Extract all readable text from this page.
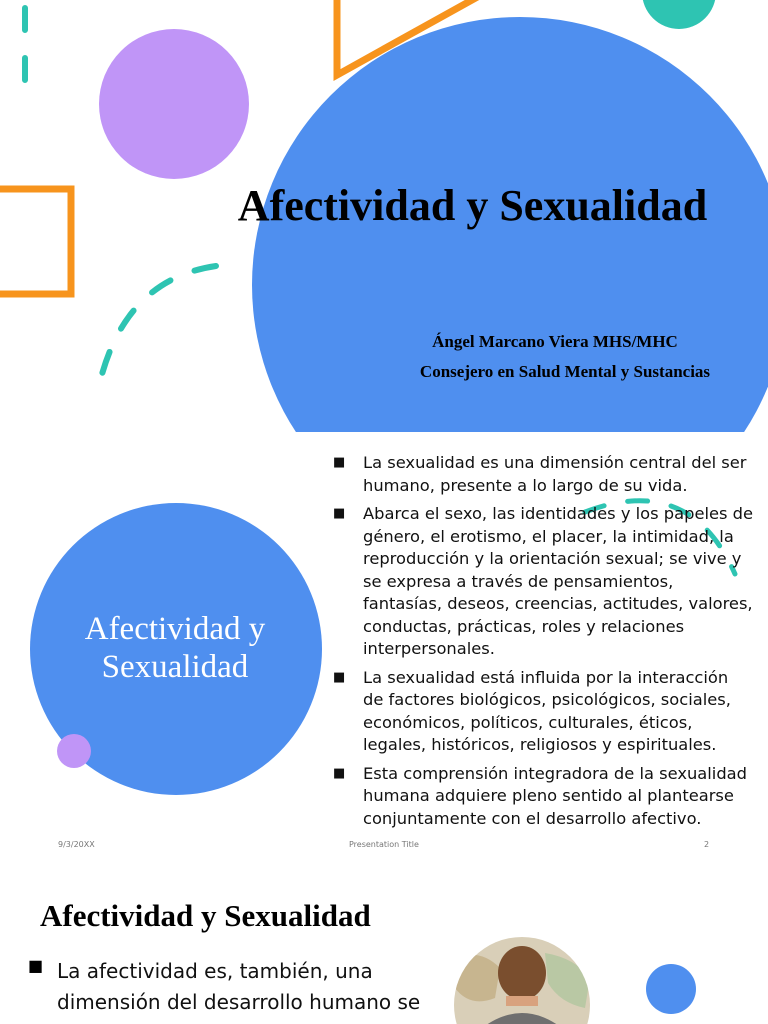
Afectividad y Sexualidad
Ángel Marcano Viera MHS/MHC
Consejero en Salud Mental y Sustancias
Afectividad y Sexualidad
■ La sexualidad es una dimensión central del ser humano, presente a lo largo de su vida.
■ Abarca el sexo, las identidades y los papeles de género, el erotismo, el placer, la intimidad, la reproducción y la orientación sexual; se vive y se expresa a través de pensamientos, fantasías, deseos, creencias, actitudes, valores, conductas, prácticas, roles y relaciones interpersonales.
■ La sexualidad está influida por la interacción de factores biológicos, psicológicos, sociales, económicos, políticos, culturales, éticos, legales, históricos, religiosos y espirituales.
■ Esta comprensión integradora de la sexualidad humana adquiere pleno sentido al plantearse conjuntamente con el desarrollo afectivo.
9/3/20XX	Presentation Title	2
Afectividad y Sexualidad
■ La afectividad es, también, una dimensión del desarrollo humano se
